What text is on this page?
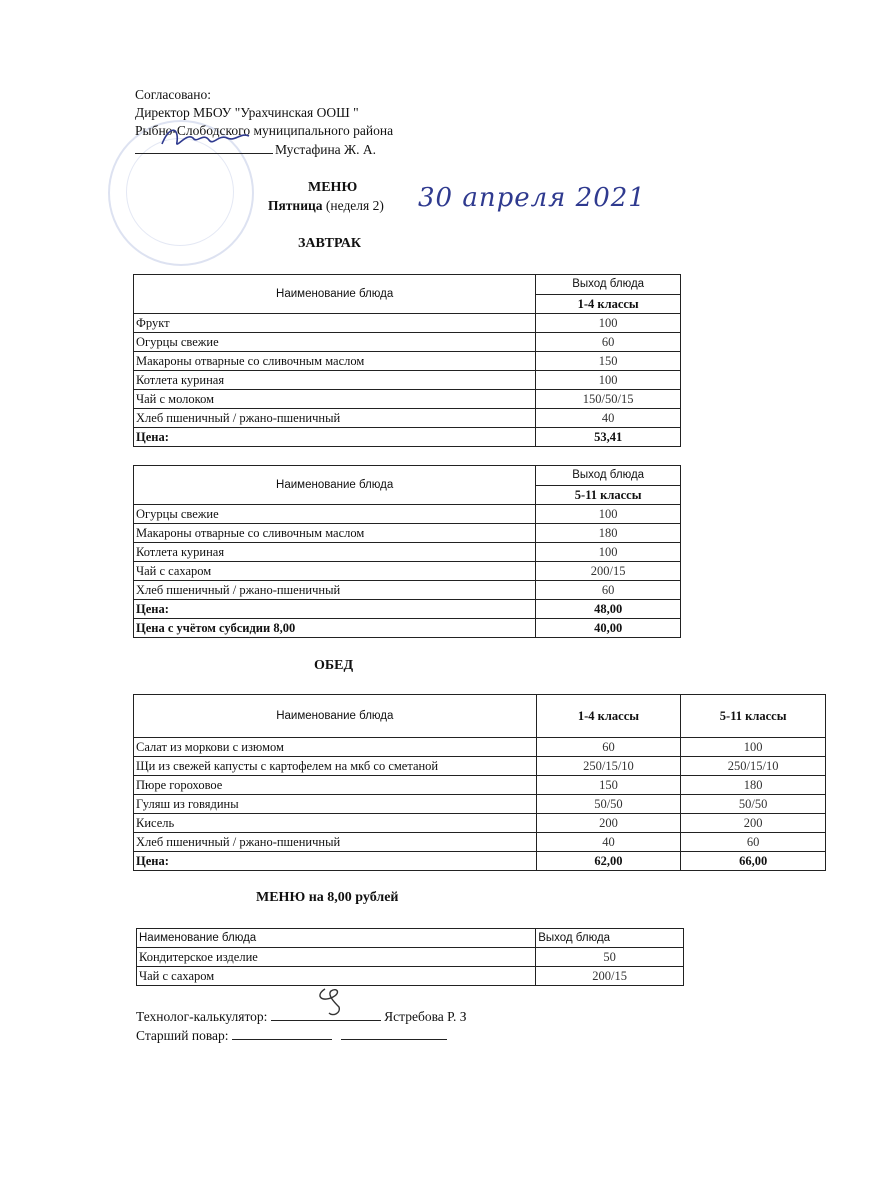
Согласовано:
Директор МБОУ "Урахчинская ООШ "
Рыбно-Слободского муниципального района
Мустафина Ж. А.
МЕНЮ
Пятница (неделя 2) 30 апреля 2021
ЗАВТРАК
Наименование блюда	Выход блюда
	1-4 классы
Фрукт	100
Огурцы свежие	60
Макароны отварные со сливочным маслом	150
Котлета куриная	100
Чай с молоком	150/50/15
Хлеб пшеничный / ржано-пшеничный	40
Цена:	53,41
Наименование блюда	Выход блюда
	5-11 классы
Огурцы свежие	100
Макароны отварные со сливочным маслом	180
Котлета куриная	100
Чай с сахаром	200/15
Хлеб пшеничный / ржано-пшеничный	60
Цена:	48,00
Цена с учётом субсидии 8,00	40,00
ОБЕД
Наименование блюда	1-4 классы	5-11 классы
Салат из моркови с изюмом	60	100
Щи из свежей капусты с картофелем на мкб со сметаной	250/15/10	250/15/10
Пюре гороховое	150	180
Гуляш из говядины	50/50	50/50
Кисель	200	200
Хлеб пшеничный / ржано-пшеничный	40	60
Цена:	62,00	66,00
МЕНЮ на 8,00 рублей
Наименование блюда	Выход блюда
Кондитерское изделие	50
Чай с сахаром	200/15
Технолог-калькулятор:	Ястребова Р. З
Старший повар:
